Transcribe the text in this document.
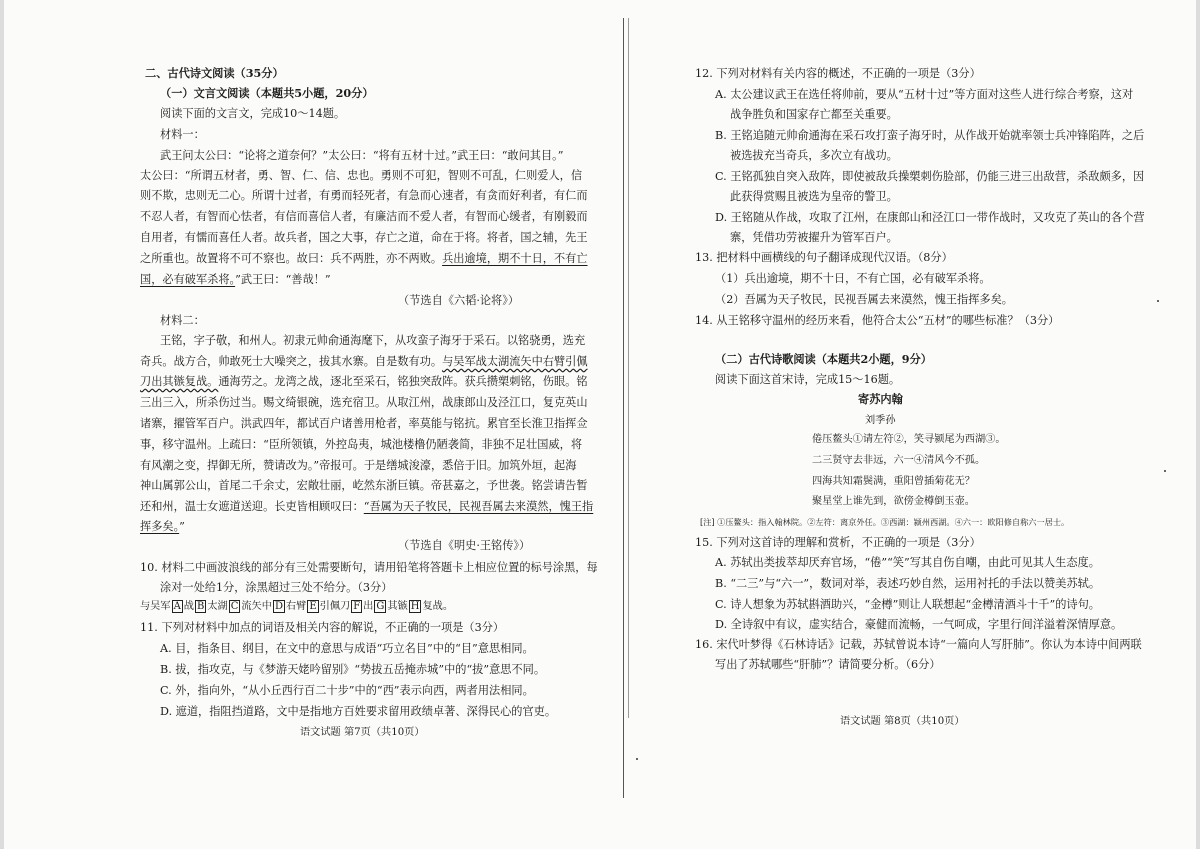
二、古代诗文阅读（35分）
（一）文言文阅读（本题共5小题，20分）
阅读下面的文言文，完成10～14题。
材料一：
武王问太公曰：“论将之道奈何？”太公曰：“将有五材十过。”武王曰：“敢问其目。”
太公曰：“所谓五材者，勇、智、仁、信、忠也。勇则不可犯，智则不可乱，仁则爱人，信
则不欺，忠则无二心。所谓十过者，有勇而轻死者，有急而心速者，有贪而好利者，有仁而
不忍人者，有智而心怯者，有信而喜信人者，有廉洁而不爱人者，有智而心缓者，有刚毅而
自用者，有懦而喜任人者。故兵者，国之大事，存亡之道，命在于将。将者，国之辅，先王
之所重也。故置将不可不察也。故曰：兵不两胜，亦不两败。兵出逾境，期不十日，不有亡
国，必有破军杀将。”武王曰：“善哉！”
（节选自《六韬·论将》）
材料二：
王铭，字子敬，和州人。初隶元帅俞通海麾下，从攻蛮子海牙于采石。以铭骁勇，选充
奇兵。战方合，帅敢死士大噪突之，拔其水寨。自是数有功。与吴军战太湖流矢中右臂引佩
刀出其镞复战。通海劳之。龙湾之战，逐北至采石，铭独突敌阵。获兵攒槊刺铭，伤眼。铭
三出三入，所杀伤过当。赐文绮银碗，选充宿卫。从取江州，战康郎山及泾江口，复克英山
诸寨，擢管军百户。洪武四年，都试百户诸善用枪者，率莫能与铭抗。累官至长淮卫指挥佥
事，移守温州。上疏曰：“臣所领镇，外控岛夷，城池楼橹仍陋袭简，非独不足壮国威，将
有风潮之变，捍御无所，赞请改为。”帝报可。于是缮城浚濠，悉倍于旧。加筑外垣，起海
神山属郭公山，首尾二千余丈，宏敞壮丽，屹然东浙巨镇。帝甚嘉之，予世袭。铭尝请告暂
还和州，温士女遮道送迎。长吏皆相顾叹曰：“吾属为天子牧民，民视吾属去来漠然，愧王指
挥多矣。”
（节选自《明史·王铭传》）
10. 材料二中画波浪线的部分有三处需要断句，请用铅笔将答题卡上相应位置的标号涂黑，每
涂对一处给1分，涂黑超过三处不给分。（3分）
与吴军 A 战 B 太湖 C 流矢中 D 右臂 E 引佩刀 F 出 G 其镞 H 复战。
11. 下列对材料中加点的词语及相关内容的解说，不正确的一项是（3分）
A. 目，指条目、纲目，在文中的意思与成语“巧立名目”中的“目”意思相同。
B. 拔，指攻克，与《梦游天姥吟留别》“势拔五岳掩赤城”中的“拔”意思不同。
C. 外，指向外，“从小丘西行百二十步”中的“西”表示向西，两者用法相同。
D. 遮道，指阻挡道路，文中是指地方百姓要求留用政绩卓著、深得民心的官吏。
语文试题 第7页（共10页）
12. 下列对材料有关内容的概述，不正确的一项是（3分）
A. 太公建议武王在选任将帅前，要从“五材十过”等方面对这些人进行综合考察，这对
战争胜负和国家存亡都至关重要。
B. 王铭追随元帅俞通海在采石攻打蛮子海牙时，从作战开始就率领士兵冲锋陷阵，之后
被选拔充当奇兵，多次立有战功。
C. 王铭孤独自突入敌阵，即使被敌兵操槊刺伤脸部，仍能三进三出敌营，杀敌颇多，因
此获得赏赐且被选为皇帝的警卫。
D. 王铭随从作战，攻取了江州，在康郎山和泾江口一带作战时，又攻克了英山的各个营
寨，凭借功劳被擢升为管军百户。
13. 把材料中画横线的句子翻译成现代汉语。（8分）
（1）兵出逾境，期不十日，不有亡国，必有破军杀将。
（2）吾属为天子牧民，民视吾属去来漠然，愧王指挥多矣。
14. 从王铭移守温州的经历来看，他符合太公“五材”的哪些标准？（3分）
（二）古代诗歌阅读（本题共2小题，9分）
阅读下面这首宋诗，完成15～16题。
寄苏内翰
刘季孙
倦压鳌头①请左符②，笑寻颍尾为西湖③。
二三贤守去非远，六一④清风今不孤。
四海共知霜鬓满，重阳曾插菊花无？
聚星堂上谁先到，欲傍金樽倒玉壶。
[注] ①压鳌头：指入翰林院。②左符：离京外任。③西湖：颍州西湖。④六一：欧阳修自称六一居士。
15. 下列对这首诗的理解和赏析，不正确的一项是（3分）
A. 苏轼出类拔萃却厌弃官场，“倦”“笑”写其自伤自嘲，由此可见其人生态度。
B. “二三”与“六一”，数词对举，表述巧妙自然，运用衬托的手法以赞美苏轼。
C. 诗人想象为苏轼斟酒助兴，“金樽”则让人联想起“金樽清酒斗十千”的诗句。
D. 全诗叙中有议，虚实结合，豪健而流畅，一气呵成，字里行间洋溢着深情厚意。
16. 宋代叶梦得《石林诗话》记载，苏轼曾说本诗“一篇向人写肝肺”。你认为本诗中间两联
写出了苏轼哪些“肝肺”？请简要分析。（6分）
语文试题 第8页（共10页）
